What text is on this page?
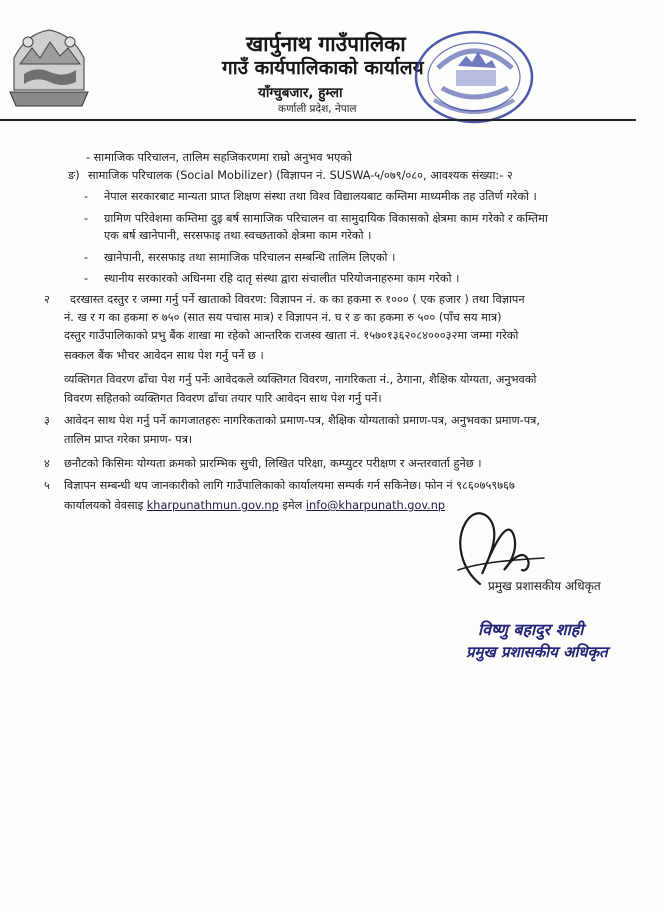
खार्पुनाथ गाउँपालिका
गाउँ कार्यपालिकाको कार्यालय
याँग्चुबजार, हुम्ला
कर्णाली प्रदेश, नेपाल
- सामाजिक परिचालन, तालिम सहजिकरणमा राम्रो अनुभव भएको
ङ) सामाजिक परिचालक (Social Mobilizer) (विज्ञापन नं. SUSWA-५/०७९/०८०, आवश्यक संख्या:- २
- नेपाल सरकारबाट मान्यता प्राप्त शिक्षण संस्था तथा विश्व विद्यालयबाट कम्तिमा माध्यमीक तह उतिर्ण गरेको ।
- ग्रामिण परिवेशमा कम्तिमा दुइ बर्ष सामाजिक परिचालन वा सामुदायिक विकासको क्षेत्रमा काम गरेको र कम्तिमा
एक बर्ष खानेपानी, सरसफाइ तथा स्वच्छताको क्षेत्रमा काम गरेको ।
- खानेपानी, सरसफाइ तथा सामाजिक परिचालन सम्बन्धि तालिम लिएको ।
- स्थानीय सरकारको अधिनमा रहि दातृ संस्था द्वारा संचालीत परियोजनाहरुमा काम गरेको ।
२ दरखास्त दस्तुर र जम्मा गर्नु पर्ने खाताको विवरण: विज्ञापन नं. क का हकमा रु १००० ( एक हजार ) तथा विज्ञापन
नं. ख र ग का हकमा रु ७५० (सात सय पचास मात्र) र विज्ञापन नं. घ र ङ का हकमा रु ५०० (पाँच सय मात्र)
दस्तुर गाउँपालिकाको प्रभु बैंक शाखा मा रहेको आन्तरिक राजस्व खाता नं. १५७०१३६२०८४०००३२मा जम्मा गरेको
सक्कल बैंक भौचर आवेदन साथ पेश गर्नु पर्ने छ ।
व्यक्तिगत विवरण ढाँचा पेश गर्नु पर्नेः आवेदकले व्यक्तिगत विवरण, नागरिकता नं., ठेगाना, शैक्षिक योग्यता, अनुभवको
विवरण सहितको व्यक्तिगत विवरण ढाँचा तयार पारि आवेदन साथ पेश गर्नु पर्ने।
३ आवेदन साथ पेश गर्नु पर्ने कागजातहरुः नागरिकताको प्रमाण-पत्र, शैक्षिक योग्यताको प्रमाण-पत्र, अनुभवका प्रमाण-पत्र,
तालिम प्राप्त गरेका प्रमाण- पत्र।
४ छनौटको किसिमः योग्यता क्रमको प्रारम्भिक सुची, लिखित परिक्षा, कम्प्युटर परीक्षण र अन्तरवार्ता हुनेछ ।
५ विज्ञापन सम्बन्धी थप जानकारीको लागि गाउँपालिकाको कार्यालयमा सम्पर्क गर्न सकिनेछ। फोन नं ९८६०७५९७६७
कार्यालयको वेवसाइ kharpunathmun.gov.np इमेल info@kharpunath.gov.np
प्रमुख प्रशासकीय अधिकृत
विष्णु बहादुर शाही
प्रमुख प्रशासकीय अधिकृत
